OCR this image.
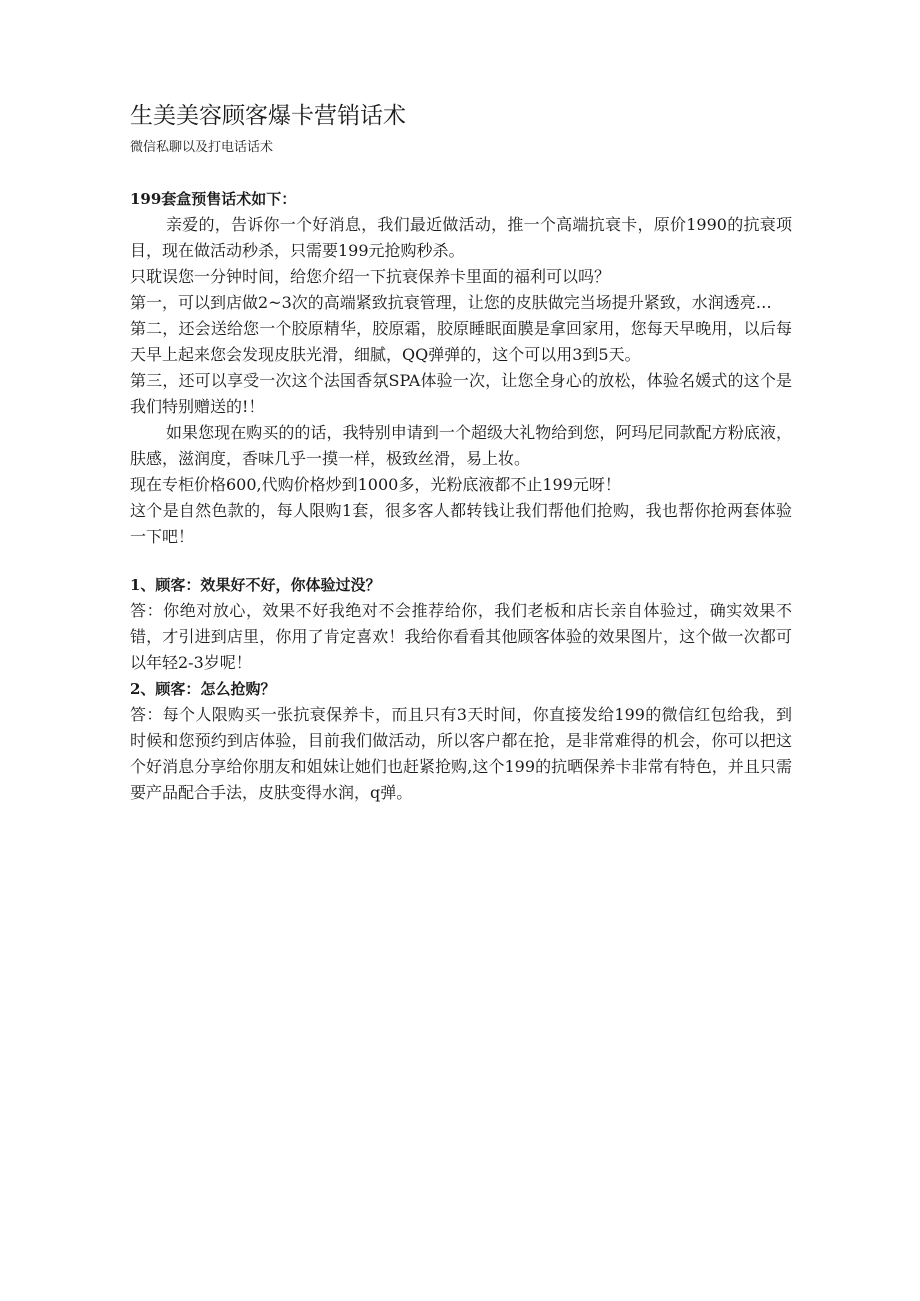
生美美容顾客爆卡营销话术

微信私聊以及打电话话术

199套盒预售话术如下：

亲爱的，告诉你一个好消息，我们最近做活动，推一个高端抗衰卡，原价1990的抗衰项目，现在做活动秒杀，只需要199元抢购秒杀。

只耽误您一分钟时间，给您介绍一下抗衰保养卡里面的福利可以吗？

第一，可以到店做2~3次的高端紧致抗衰管理，让您的皮肤做完当场提升紧致，水润透亮…

第二，还会送给您一个胶原精华，胶原霜，胶原睡眠面膜是拿回家用，您每天早晚用，以后每天早上起来您会发现皮肤光滑，细腻，QQ弹弹的，这个可以用3到5天。

第三，还可以享受一次这个法国香氛SPA体验一次，让您全身心的放松，体验名媛式的这个是我们特别赠送的!！

如果您现在购买的的话，我特别申请到一个超级大礼物给到您，阿玛尼同款配方粉底液，肤感，滋润度，香味几乎一摸一样，极致丝滑，易上妆。

现在专柜价格600,代购价格炒到1000多，光粉底液都不止199元呀！

这个是自然色款的，每人限购1套，很多客人都转钱让我们帮他们抢购，我也帮你抢两套体验一下吧！

1、顾客：效果好不好，你体验过没？

答：你绝对放心，效果不好我绝对不会推荐给你，我们老板和店长亲自体验过，确实效果不错，才引进到店里，你用了肯定喜欢！我给你看看其他顾客体验的效果图片，这个做一次都可以年轻2-3岁呢！

2、顾客：怎么抢购？

答：每个人限购买一张抗衰保养卡，而且只有3天时间，你直接发给199的微信红包给我，到时候和您预约到店体验，目前我们做活动，所以客户都在抢，是非常难得的机会，你可以把这个好消息分享给你朋友和姐妹让她们也赶紧抢购,这个199的抗晒保养卡非常有特色，并且只需要产品配合手法，皮肤变得水润，q弹。
